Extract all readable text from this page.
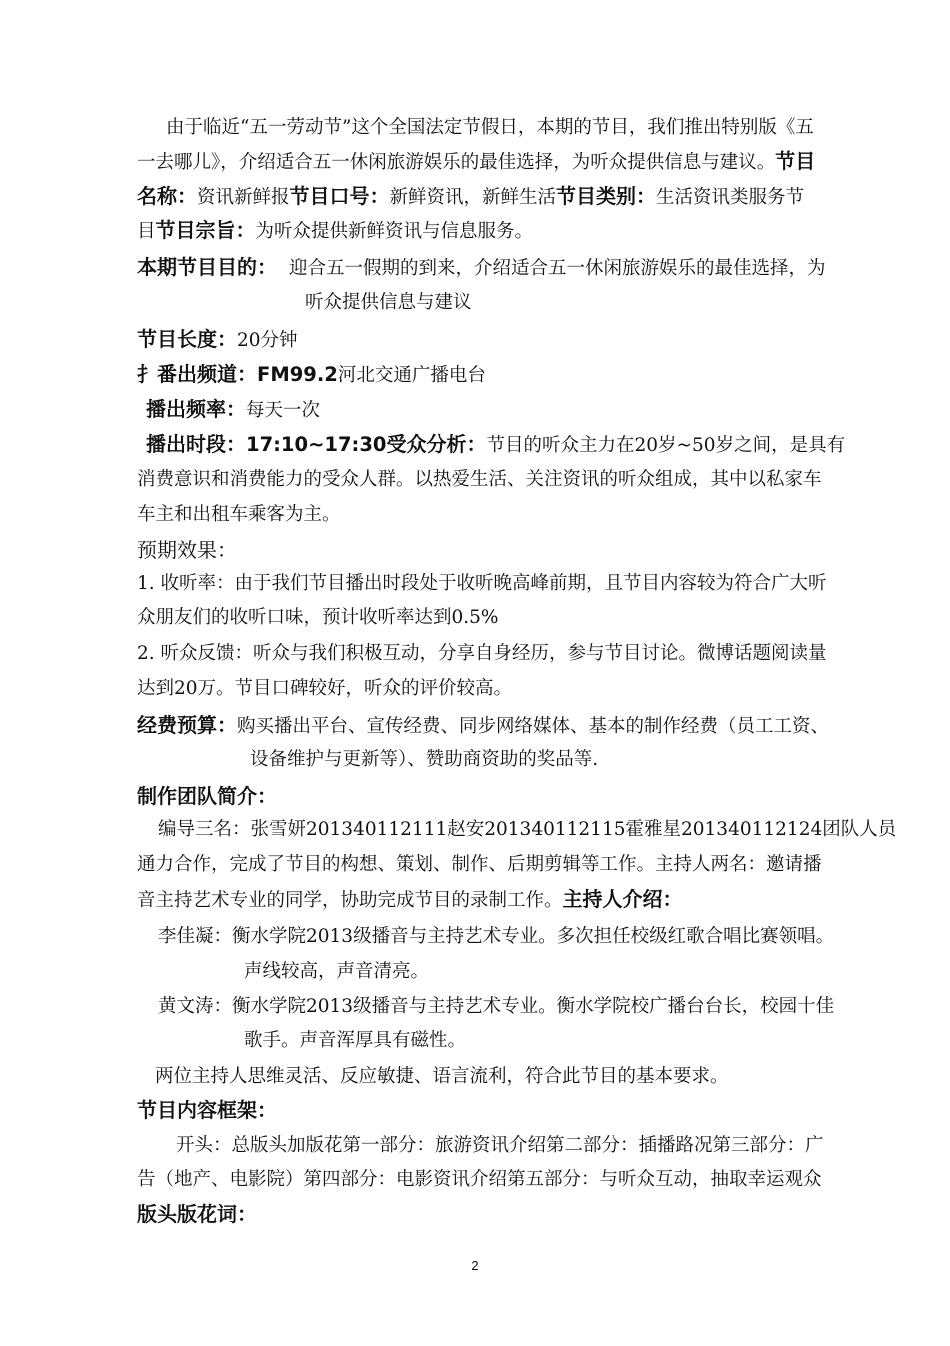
由于临近“五一劳动节”这个全国法定节假日，本期的节目，我们推出特别版《五
一去哪儿》，介绍适合五一休闲旅游娱乐的最佳选择，为听众提供信息与建议。节目
名称：资讯新鲜报节目口号：新鲜资讯，新鲜生活节目类别：生活资讯类服务节
目节目宗旨：为听众提供新鲜资讯与信息服务。
本期节目目的： 迎合五一假期的到来，介绍适合五一休闲旅游娱乐的最佳选择，为
听众提供信息与建议
节目长度：20分钟
扌番出频道：FM99.2河北交通广播电台
播出频率：每天一次
播出时段：17:10~17:30受众分析：节目的听众主力在20岁~50岁之间，是具有
消费意识和消费能力的受众人群。以热爱生活、关注资讯的听众组成，其中以私家车
车主和出租车乘客为主。
预期效果：
1. 收听率：由于我们节目播出时段处于收听晚高峰前期，且节目内容较为符合广大听
众朋友们的收听口味，预计收听率达到0.5%
2. 听众反馈：听众与我们积极互动，分享自身经历，参与节目讨论。微博话题阅读量
达到20万。节目口碑较好，听众的评价较高。
经费预算：购买播出平台、宣传经费、同步网络媒体、基本的制作经费（员工工资、
设备维护与更新等）、赞助商资助的奖品等.
制作团队简介：
编导三名：张雪妍201340112111赵安201340112115霍雅星201340112124团队人员
通力合作，完成了节目的构想、策划、制作、后期剪辑等工作。主持人两名：邀请播
音主持艺术专业的同学，协助完成节目的录制工作。主持人介绍：
李佳凝：衡水学院2013级播音与主持艺术专业。多次担任校级红歌合唱比赛领唱。
声线较高，声音清亮。
黄文涛：衡水学院2013级播音与主持艺术专业。衡水学院校广播台台长，校园十佳
歌手。声音浑厚具有磁性。
两位主持人思维灵活、反应敏捷、语言流利，符合此节目的基本要求。
节目内容框架：
开头：总版头加版花第一部分：旅游资讯介绍第二部分：插播路况第三部分：广
告（地产、电影院）第四部分：电影资讯介绍第五部分：与听众互动，抽取幸运观众
版头版花词：
2
